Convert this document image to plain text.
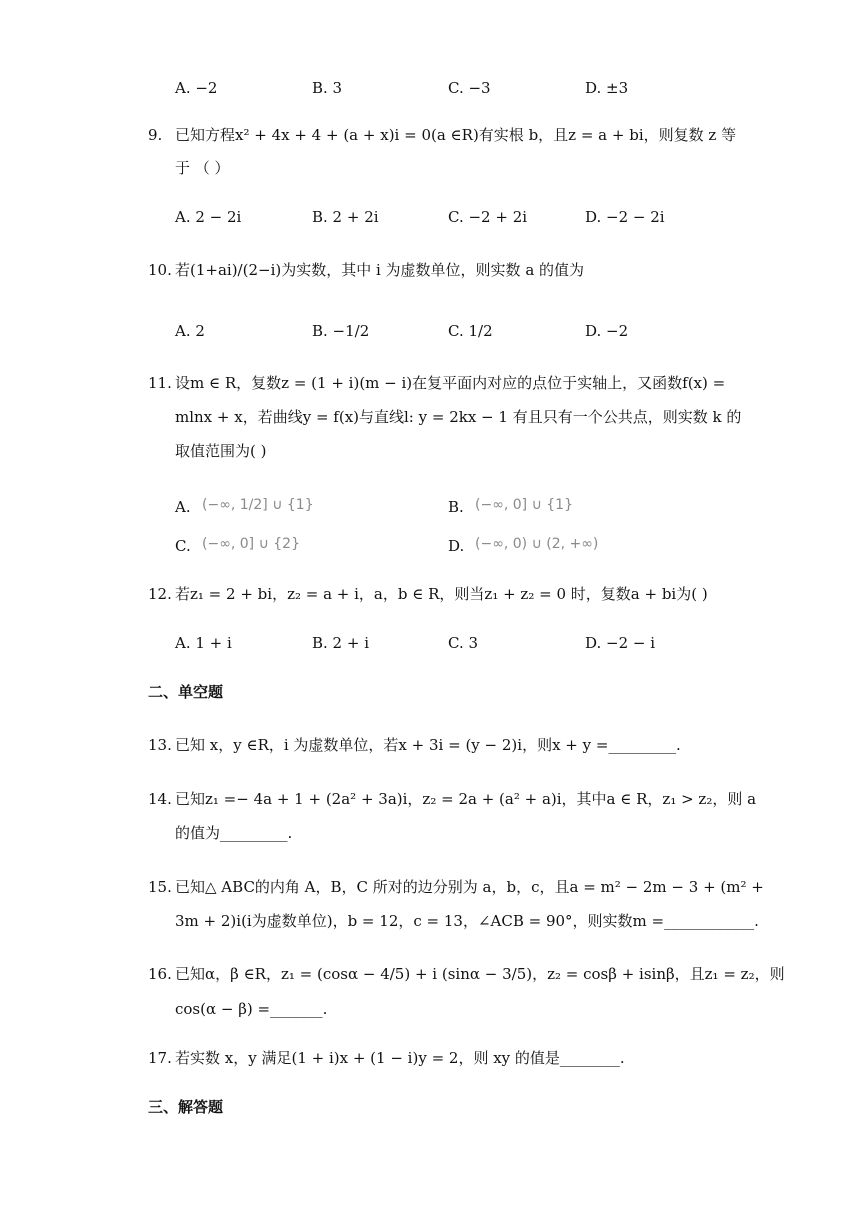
A. −2	B. 3	C. −3	D. ±3
9. 已知方程x² + 4x + 4 + (a + x)i = 0(a ∈R)有实根 b，且z = a + bi，则复数 z 等
于 （ ）
A. 2 − 2i	B. 2 + 2i	C. −2 + 2i	D. −2 − 2i
10. 若(1+ai)/(2−i)为实数，其中 i 为虚数单位，则实数 a 的值为
A. 2	B. −1/2	C. 1/2	D. −2
11. 设m ∈ R，复数z = (1 + i)(m − i)在复平面内对应的点位于实轴上，又函数f(x) =
mlnx + x，若曲线y = f(x)与直线l: y = 2kx − 1 有且只有一个公共点，则实数 k 的
取值范围为( )
A. (−∞, 1/2] ∪ {1}	B. (−∞, 0] ∪ {1}
C. (−∞, 0] ∪ {2}	D. (−∞, 0) ∪ (2, +∞)
12. 若z₁ = 2 + bi，z₂ = a + i，a，b ∈ R，则当z₁ + z₂ = 0 时，复数a + bi为( )
A. 1 + i	B. 2 + i	C. 3	D. −2 − i
二、单空题
13. 已知 x，y ∈R，i 为虚数单位，若x + 3i = (y − 2)i，则x + y =_________.
14. 已知z₁ =− 4a + 1 + (2a² + 3a)i，z₂ = 2a + (a² + a)i，其中a ∈ R，z₁ > z₂，则 a
的值为_________.
15. 已知△ ABC的内角 A，B，C 所对的边分别为 a，b，c，且a = m² − 2m − 3 + (m² +
3m + 2)i(i为虚数单位)，b = 12，c = 13，∠ACB = 90°，则实数m =____________.
16. 已知α，β ∈R，z₁ = (cosα − 4/5) + i (sinα − 3/5)，z₂ = cosβ + isinβ，且z₁ = z₂，则
cos(α − β) =_______.
17. 若实数 x，y 满足(1 + i)x + (1 − i)y = 2，则 xy 的值是________.
三、解答题
